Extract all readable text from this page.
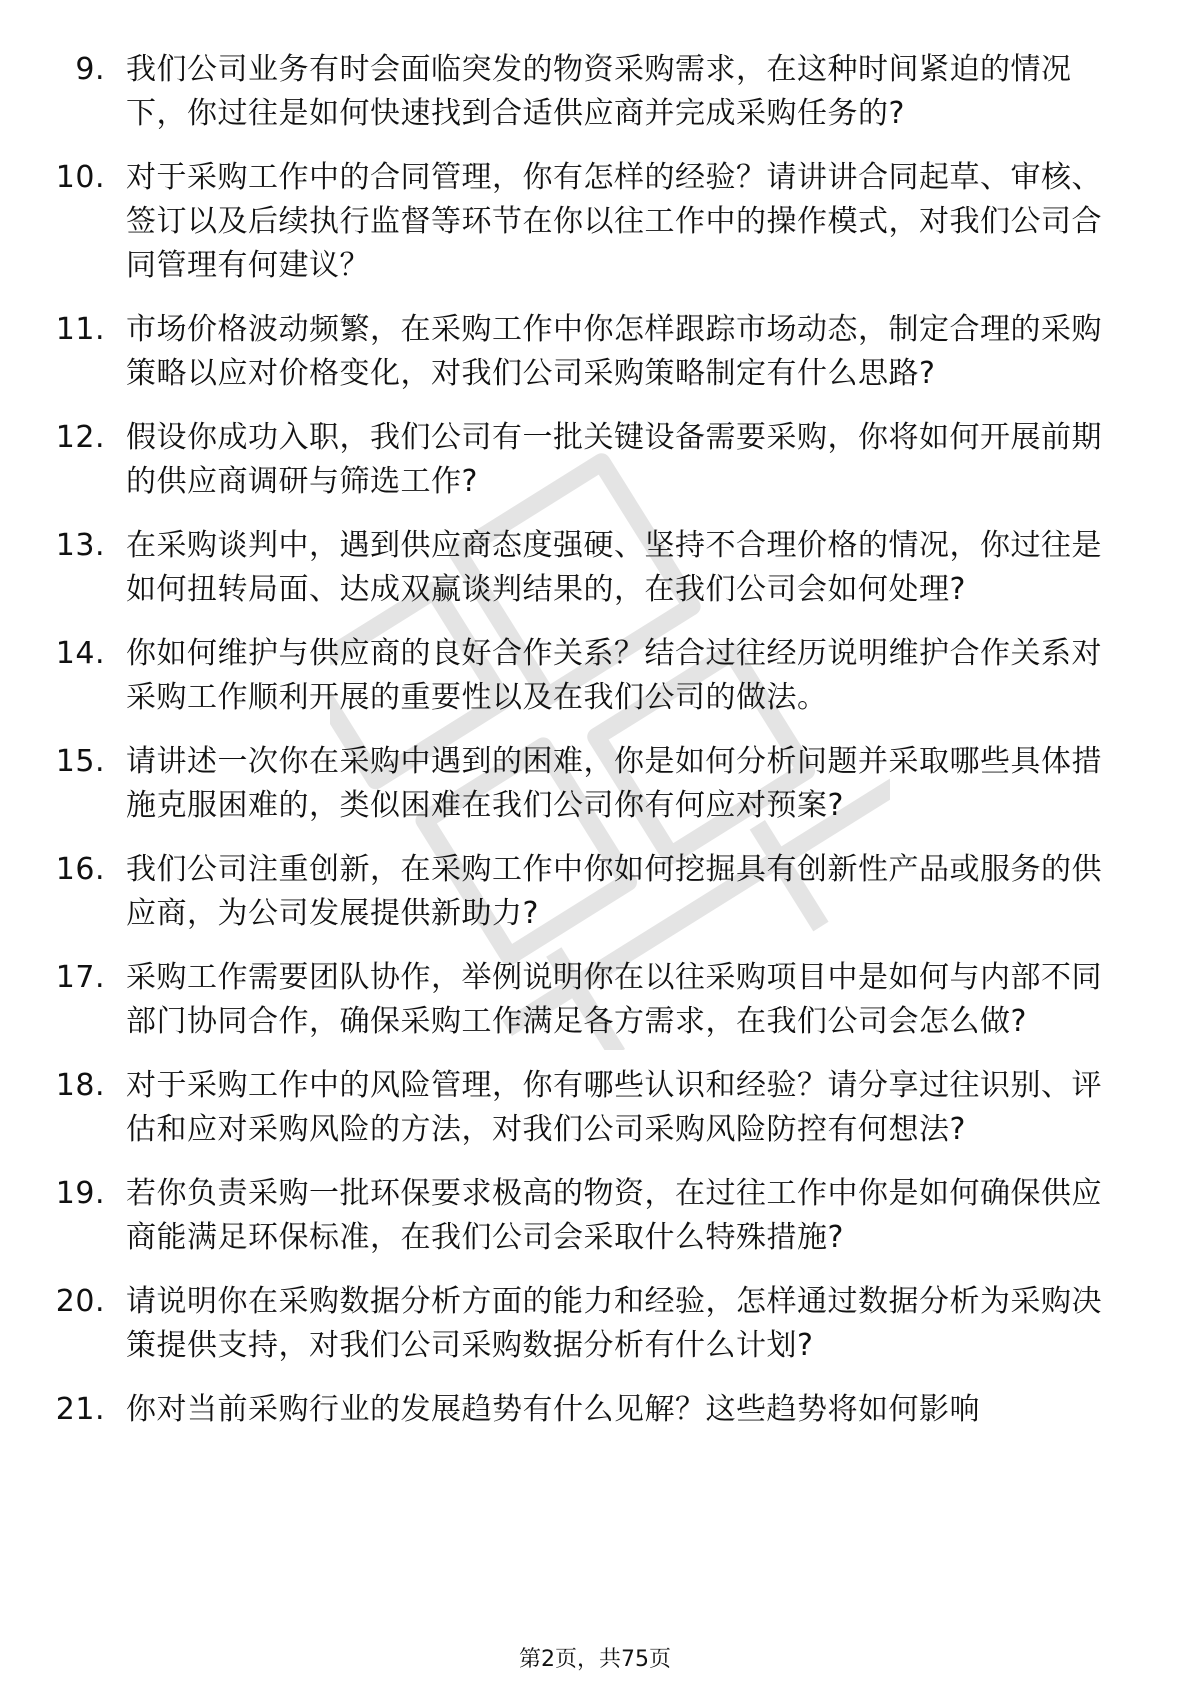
9. 我们公司业务有时会面临突发的物资采购需求，在这种时间紧迫的情况下，你过往是如何快速找到合适供应商并完成采购任务的?
10. 对于采购工作中的合同管理，你有怎样的经验？请讲讲合同起草、审核、签订以及后续执行监督等环节在你以往工作中的操作模式，对我们公司合同管理有何建议？
11. 市场价格波动频繁，在采购工作中你怎样跟踪市场动态，制定合理的采购策略以应对价格变化，对我们公司采购策略制定有什么思路?
12. 假设你成功入职，我们公司有一批关键设备需要采购，你将如何开展前期的供应商调研与筛选工作?
13. 在采购谈判中，遇到供应商态度强硬、坚持不合理价格的情况，你过往是如何扭转局面、达成双赢谈判结果的，在我们公司会如何处理?
14. 你如何维护与供应商的良好合作关系？结合过往经历说明维护合作关系对采购工作顺利开展的重要性以及在我们公司的做法。
15. 请讲述一次你在采购中遇到的困难，你是如何分析问题并采取哪些具体措施克服困难的，类似困难在我们公司你有何应对预案?
16. 我们公司注重创新，在采购工作中你如何挖掘具有创新性产品或服务的供应商，为公司发展提供新助力?
17. 采购工作需要团队协作，举例说明你在以往采购项目中是如何与内部不同部门协同合作，确保采购工作满足各方需求，在我们公司会怎么做?
18. 对于采购工作中的风险管理，你有哪些认识和经验？请分享过往识别、评估和应对采购风险的方法，对我们公司采购风险防控有何想法?
19. 若你负责采购一批环保要求极高的物资，在过往工作中你是如何确保供应商能满足环保标准，在我们公司会采取什么特殊措施?
20. 请说明你在采购数据分析方面的能力和经验，怎样通过数据分析为采购决策提供支持，对我们公司采购数据分析有什么计划?
21. 你对当前采购行业的发展趋势有什么见解？这些趋势将如何影响
第2页，共75页
